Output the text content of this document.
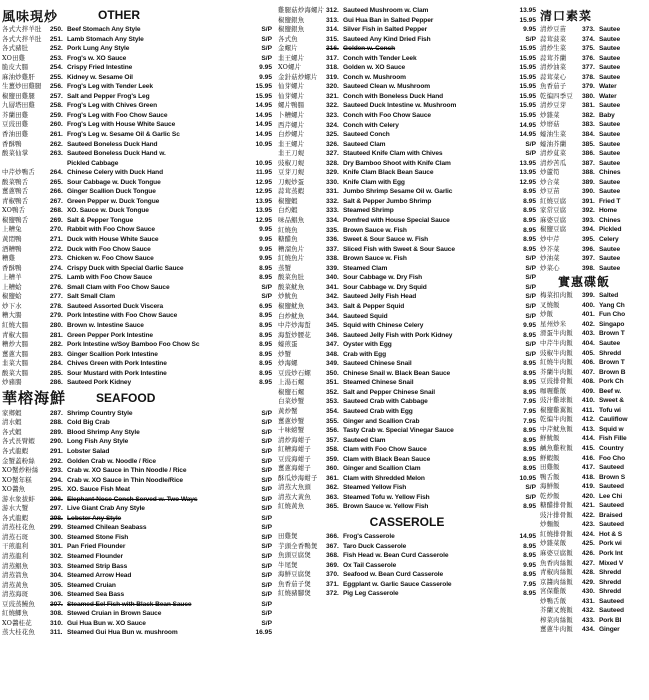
風味現炒	OTHER
各式大拌羊肚	250. Beef Stomach Any Style	S/P
各式大拌羊肚	251. Lamb Stomach Any Style	S/P
各式豬肚	252. Pork Lung Any Style	S/P
XO田雞	253. Frog's w. XO Sauce	S/P
脆皮大腸	254. Crispy Fried Intestine	9.95
麻油炒雞肝	255. Kidney w. Sesame Oil	9.95
生薑炒田雞腿	256. Frog's Leg with Tender Leek	15.95
椒鹽田雞腿	257. Salt and Pepper Frog's Leg	15.95
九層塔田雞	258. Frog's Leg with Chives Green	14.95
芥蘭田雞	259. Frog's Leg with Foo Chow Sauce	14.95
豆豉田雞	260. Frog's Leg with House White Sauce	14.95
香油田雞	261. Frog's Leg w. Sesame Oil & Garlic Sc	14.95
香酥鴨	262. Sauteed Boneless Duck Hand	10.95
酸菜仙掌	263. Sauteed Boneless Duck Hand w.
Pickled Cabbage	10.95
中芹炒鴨舌	264. Chinese Celery with Duck Hand	11.95
酸菜鴨舌	265. Sour Cabbage w. Duck Tongue	12.95
薑蔥鴨舌	266. Ginger Scallion Duck Tongue	12.95
青椒鴨舌	267. Green Pepper w. Duck Tongue	13.95
XO鴨舌	268. XO. Sauce w. Duck Tongue	13.95
椒鹽鴨舌	269. Salt & Pepper Tongue	12.95
上糟兔	270. Rabbit with Foo Chow Sauce	9.95
黃悶鴨	271. Duck with House White Sauce	9.95
酒糟鴨	272. Duck with Foo Chow Sauce	9.95
糟雞	273. Chicken w. Foo Chow Sauce	9.95
香酥鴨	274. Crispy Duck with Special Garlic Sauce	8.95
上糟羊	275. Lamb with Foo Chow Sauce	8.95
上糟蛤	276. Small Clam with Foo Chow Sauce	S/P
椒鹽蛤	277. Salt Small Clam	S/P
炒下水	278. Sauteed Assorted Duck Viscera	6.95
糟大腸	279. Pork Intestine with Foo Chow Sauce	8.95
紅燒大腸	280. Brown w. Intestine Sauce	8.95
青椒大腸	281. Green Pepper Pork Intestine	8.95
糟炒大腸	282. Pork Intestine w/Soy Bamboo Foo Chow Sc	8.95
薑蔥大腸	283. Ginger Scallion Pork Intestine	8.95
韭菜大腸	284. Chives Green with Pork Intestine	8.95
酸菜大腸	285. Sour Mustard with Pork Intestine	8.95
炒豬腸	286. Sauteed Pork Kidney	8.95
華榕海鮮	SEAFOOD
家鄉蝦	287. Shrimp Country Style	S/P
清水蝦	288. Cold Big Crab	S/P
各式蝦	289. Blood Shrimp Any Style	S/P
各式長臂蝦	290. Long Fish Any Style	S/P
各式龍蝦	291. Lobster Salad	S/P
金蟹蓋粉絲	292. Golden Crab w. Noodle / Rice	S/P
XO蟹炒粉絲	293. Crab w. XO Sauce in Thin Noodle / Rice	S/P
XO蟹年糕	294. Crab w. XO Sauce in Thin Noodle/Rice	S/P
XO醬魚	295. XO. Sauce Fish Meat	S/P
游水象拔蚌	296. Elephant-Nose Conch Served w. Two Ways	S/P
游水大蟹	297. Live Giant Crab Any Style	S/P
各式龍蝦	298. Lobster Any Style	S/P
清蒸桂花魚	299. Steamed Chilean Seabass	S/P
清蒸石斑	300. Steamed Stone Fish	S/P
干煎龍利	301. Pan Fried Flounder	S/P
清蒸龍利	302. Steamed Flounder	S/P
清蒸鯧魚	303. Steamed Strip Bass	S/P
清蒸箭魚	304. Steamed Arrow Head	S/P
清蒸黃魚	305. Steamed Cruian	S/P
清蒸海斑	306. Steamed Sea Bass	S/P
豆豉蒸鰻魚	307. Steamed Eel Fish with Black Bean Sauce	S/P
紅燒鯽魚	308. Stewed Cruian in Brown Sauce	S/P
XO醬桂花	310. Gui Hua Bun w. XO Sauce	S/P
蒸大桂花魚	311. Steamed Gui Hua Bun w. mushroom	16.95
雞腿菇炒海螺片 312. Sauteed Mushroom w. Clam	13.95
椒鹽銀魚	313. Gui Hua Ban in Salted Pepper	15.95
椒鹽銀魚	314. Silver Fish in Salted Pepper	9.95
各式魚	315. Sauteed Any Kind Dried Fish	S/P
金螺片	316. Golden w. Conch	15.95
韭王螺片	317. Conch with Tender Leek	15.95
XO螺片	318. Golden w. XO Sauce	15.95
金針菇炒螺片	319. Conch w. Mushroom	15.95
仙芽螺片	320. Sauteed Clean w. Mushroom	15.95
仙芽螺片	321. Conch with Boneless Duck Hand	15.95
螺片鴨腸	322. Sauteed Duck Intestine w. Mushroom	15.95
卜糟螺片	323. Conch with Foo Chow Sauce	15.95
西芹螺片	324. Conch with Celery	14.95
白炒螺片	325. Sauteed Conch	14.95
韭王螺片	326. Sauteed Clam	S/P
韭王刀蚬	327. Stauteed Knife Clam with Chives	S/P
豉椒刀蚬	328. Dry Bamboo Shoot with Knife Clam	13.95
豆芽刀蚬	329. Knife Clam Black Bean Sauce	13.95
刀蚬炒蛋	330. Knife Clam with Egg	12.95
蒜茸蒸蝦	331. Jumbo Shrimp Sesame Oil w. Garlic	8.95
椒鹽蝦	332. Salt & Pepper Jumbo Shrimp	8.95
白灼蝦	333. Steamed Shrimp	8.95
味品鯧魚	334. Pomfred with House Special Sauce	8.95
紅燒魚	335. Brown Sauce w. Fish	8.95
糖醋魚	336. Sweet & Sour Sauce w. Fish	8.95
糟溜魚片	337. Sliced Fish with Sweet & Sour Sauce	8.95
紅燒魚片	338. Brown Sauce w. Fish	S/P
蒸蟹	339. Steamed Clam	S/P
酸菜魚肚	340. Sour Cabbage w. Dry Fish	S/P
酸菜魷魚	341. Sour Cabbage w. Dry Squid	S/P
炒魷魚	342. Sauteed Jelly Fish Head	S/P
椒鹽魷魚	343. Salt & Pepper Squid	S/P
白炒魷魚	344. Sauteed Squid	S/P
中芹炒海蜇	345. Squid with Chinese Celery	9.95
海蜇炒腰花	346. Sauteed Jelly Fish with Pork Kidney	8.95
蠔煎蛋	347. Oyster with Egg	S/P
炒蟹	348. Crab with Egg	S/P
炒海螺	349. Sauteed Chinese Snail	8.95
豆豉炒石螺	350. Chinese Snail w. Black Bean Sauce	8.95
上湯石螺	351. Steamed Chinese Snail	8.95
椒鹽石螺	352. Salt and Pepper Chinese Snail	8.95
白菜炒蟹	353. Sauteed Crab with Cabbage	7.95
黃炒蟹	354. Sauteed Crab with Egg	7.95
薑蔥炒蟹	355. Ginger and Scallion Crab	7.95
十味螃蟹	356. Tasty Crab w. Special Vinegar Sauce	8.95
清炒海蚶子	357. Sauteed Clam	8.95
紅糟海蚶子	358. Clam with Foo Chow Sauce	8.95
豆豉海蚶子	359. Clam with Black Bean Sauce	8.95
薑蔥海蚶子	360. Ginger and Scallion Clam	8.95
酥瓜炒海蚶子	361. Clam with Shredded Melon	10.95
清蒸大魚頭	362. Steamed Yellow Fish	S/P
清蒸大黃魚	363. Steamed Tofu w. Yellow Fish	S/P
紅燒黃魚	365. Brown Sauce w. Yellow Fish	8.95
CASSEROLE
田雞煲	366. Frog's Casserole	14.95
芋頭全香鴨煲	367. Taro Duck Casserole	8.95
魚頭豆腐煲	368. Fish Head w. Bean Curd Casserole	8.95
牛尾煲	369. Ox Tail Casserole	9.95
海鮮豆腐煲	370. Seafood w. Bean Curd Casserole	8.95
魚香茄子煲	371. Eggplant w. Garlic Sauce Casserole	7.95
紅燒豬腳煲	372. Pig Leg Casserole	8.95
清口素菜
清炒豆苗	373. Sautee
蒜茸菠菜	374. Sautee
清炒生菜	375. Sautee
蒜茸芥蘭	376. Sautee
清炒油菜	377. Sautee
蒜茸菜心	378. Sautee
魚香茄子	379. Water
乾煸四季豆	380. Water
清炒豆芽	381. Sautee
炒雜菜	382. Baby
炒磨菇	383. Sautee
蠔油生菜	384. Sautee
蠔油芥蘭	385. Sautee
清炒莧菜	386. Sautee
清炒苦瓜	387. Sautee
炒蘆筍	388. Chines
炒合菜	389. Sautee
炒豆苗	390. Sautee
紅燒豆腐	391. Fried T
家常豆腐	392. Home
麻婆豆腐	393. Chines
椒鹽豆腐	394. Pickled
炒中芹	395. Celery
炒芥菜	396. Sautee
炒油菜	397. Sautee
炒菜心	398. Sautee
實惠碟飯
梅菜扣肉飯	399. Salted
叉燒飯	400. Yang Ch
炒飯	401. Fun Cho
星州炒米	402. Singapo
滑蛋牛肉飯	403. Brown T
中芹牛肉飯	404. Sautee
豉椒牛肉飯	405. Shredd
紅燒牛肉飯	406. Brown T
芥蘭牛肉飯	407. Brown B
豆豉排骨飯	408. Pork Ch
咖喱雞飯	409. Beef w.
豉汁雞球飯	410. Sweet &
椒鹽雞翼飯	411. Tofu wi
乾煸牛肉飯	412. Cauliflow
中芹魷魚飯	413. Squid w
鮮魷飯	414. Fish Fille
鹹魚雞粒飯	415. Country
鮮蝦飯	416. Foo Cho
田雞飯	417. Sauteed
鴨舌飯	418. Brown S
海鮮飯	419. Sauteed
乾炒飯	420. Lee Chi
糖醋排骨飯	421. Sauteed
豉汁排骨飯	422. Braised
炒麵飯	423. Sauteed
紅燒排骨飯	424. Hot & S
炒雜菜飯	425. Pork wi
麻婆豆腐飯	426. Pork Int
魚香肉絲飯	427. Mixed V
青椒肉絲飯	428. Shredd
京醬肉絲飯	429. Shredd
宮保雞飯	430. Shredd
炒鴨舌飯	431. Sauteed
芥蘭叉燒飯	432. Sauteed
榨菜肉絲飯	433. Pork Bl
薑蔥牛肉飯	434. Ginger
